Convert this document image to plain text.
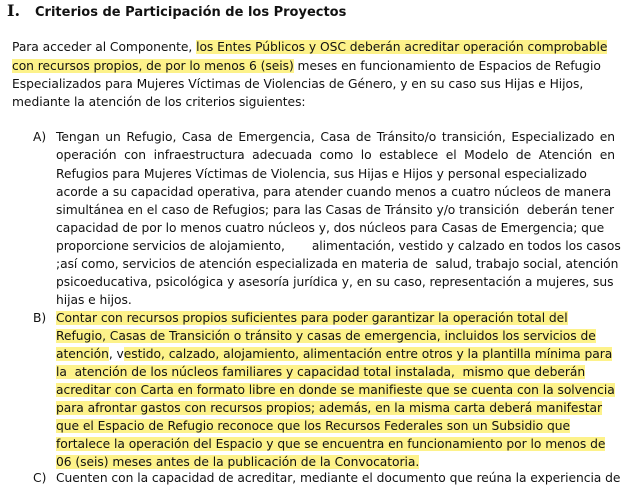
I. Criterios de Participación de los Proyectos
Para acceder al Componente, los Entes Públicos y OSC deberán acreditar operación comprobable
con recursos propios, de por lo menos 6 (seis) meses en funcionamiento de Espacios de Refugio
Especializados para Mujeres Víctimas de Violencias de Género, y en su caso sus Hijas e Hijos,
mediante la atención de los criterios siguientes:
A) Tengan un Refugio, Casa de Emergencia, Casa de Tránsito/o transición, Especializado en
operación con infraestructura adecuada como lo establece el Modelo de Atención en
Refugios para Mujeres Víctimas de Violencia, sus Hijas e Hijos y personal especializado
acorde a su capacidad operativa, para atender cuando menos a cuatro núcleos de manera
simultánea en el caso de Refugios; para las Casas de Tránsito y/o transición  deberán tener
capacidad de por lo menos cuatro núcleos y, dos núcleos para Casas de Emergencia; que
proporcione servicios de alojamiento,       alimentación, vestido y calzado en todos los casos
;así como, servicios de atención especializada en materia de  salud, trabajo social, atención
psicoeducativa, psicológica y asesoría jurídica y, en su caso, representación a mujeres, sus
hijas e hijos.
B) Contar con recursos propios suficientes para poder garantizar la operación total del
Refugio, Casas de Transición o tránsito y casas de emergencia, incluidos los servicios de
atención, vestido, calzado, alojamiento, alimentación entre otros y la plantilla mínima para
la  atención de los núcleos familiares y capacidad total instalada,  mismo que deberán
acreditar con Carta en formato libre en donde se manifieste que se cuenta con la solvencia
para afrontar gastos con recursos propios; además, en la misma carta deberá manifestar
que el Espacio de Refugio reconoce que los Recursos Federales son un Subsidio que
fortalece la operación del Espacio y que se encuentra en funcionamiento por lo menos de
06 (seis) meses antes de la publicación de la Convocatoria.
C) Cuenten con la capacidad de acreditar, mediante el documento que reúna la experiencia de
